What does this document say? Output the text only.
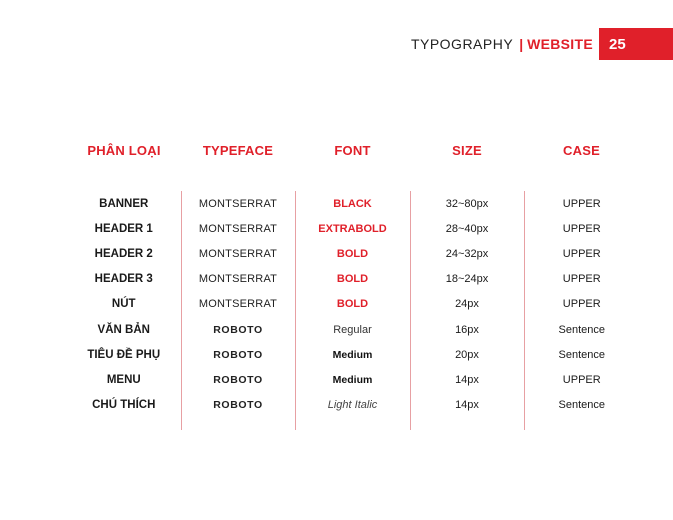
TYPOGRAPHY | WEBSITE 25
PHÂN LOẠI	TYPEFACE	FONT	SIZE	CASE

BANNER	MONTSERRAT	BLACK	32~80px	UPPER
HEADER 1	MONTSERRAT	EXTRABOLD	28~40px	UPPER
HEADER 2	MONTSERRAT	BOLD	24~32px	UPPER
HEADER 3	MONTSERRAT	BOLD	18~24px	UPPER
NÚT	MONTSERRAT	BOLD	24px	UPPER
VĂN BẢN	ROBOTO	Regular	16px	Sentence
TIÊU ĐỀ PHỤ	ROBOTO	Medium	20px	Sentence
MENU	ROBOTO	Medium	14px	UPPER
CHÚ THÍCH	ROBOTO	Light Italic	14px	Sentence
